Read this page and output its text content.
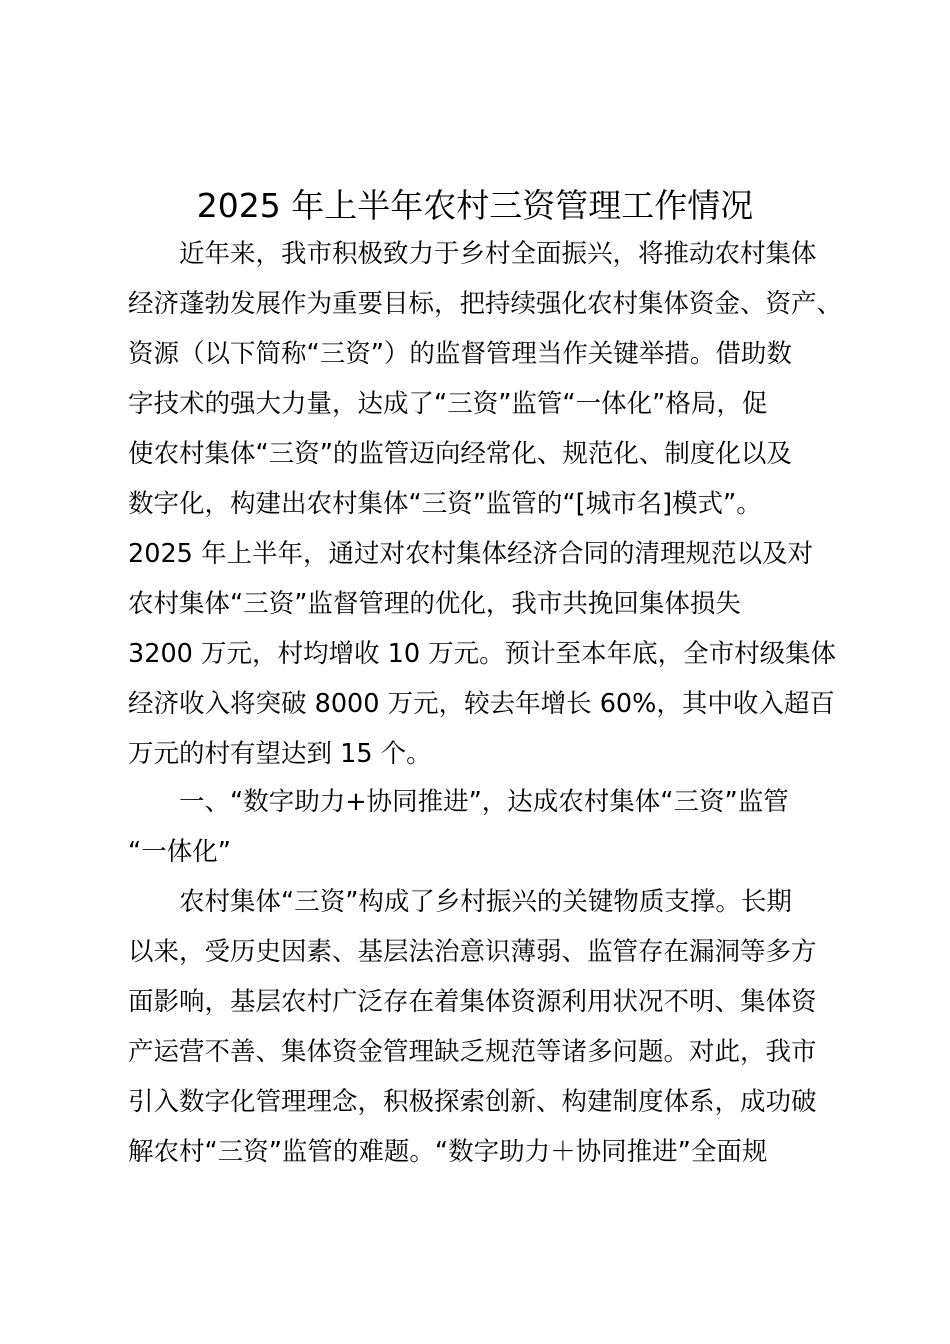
2025 年上半年农村三资管理工作情况
近年来，我市积极致力于乡村全面振兴，将推动农村集体
经济蓬勃发展作为重要目标，把持续强化农村集体资金、资产、
资源（以下简称“三资”）的监督管理当作关键举措。借助数
字技术的强大力量，达成了“三资”监管“一体化”格局，促
使农村集体“三资”的监管迈向经常化、规范化、制度化以及
数字化，构建出农村集体“三资”监管的“[城市名]模式”。
2025 年上半年，通过对农村集体经济合同的清理规范以及对
农村集体“三资”监督管理的优化，我市共挽回集体损失
3200 万元，村均增收 10 万元。预计至本年底，全市村级集体
经济收入将突破 8000 万元，较去年增长 60%，其中收入超百
万元的村有望达到 15 个。
一、“数字助力+协同推进”，达成农村集体“三资”监管
“一体化”
农村集体“三资”构成了乡村振兴的关键物质支撑。长期
以来，受历史因素、基层法治意识薄弱、监管存在漏洞等多方
面影响，基层农村广泛存在着集体资源利用状况不明、集体资
产运营不善、集体资金管理缺乏规范等诸多问题。对此，我市
引入数字化管理理念，积极探索创新、构建制度体系，成功破
解农村“三资”监管的难题。“数字助力＋协同推进”全面规
